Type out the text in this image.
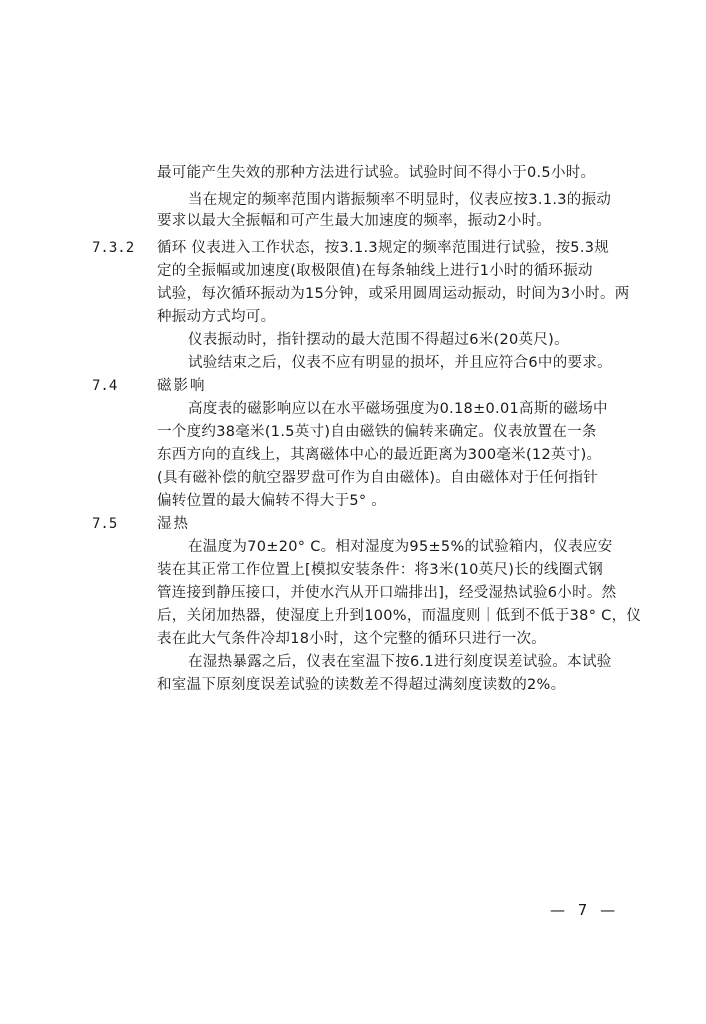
最可能产生失效的那种方法进行试验。试验时间不得小于0.5小时。
当在规定的频率范围内谐振频率不明显时，仪表应按3.1.3的振动
要求以最大全振幅和可产生最大加速度的频率，振动2小时。
7.3.2 循环 仪表进入工作状态，按3.1.3规定的频率范围进行试验，按5.3规
定的全振幅或加速度(取极限值)在每条轴线上进行1小时的循环振动
试验，每次循环振动为15分钟，或采用圆周运动振动，时间为3小时。两
种振动方式均可。
仪表振动时，指针摆动的最大范围不得超过6米(20英尺)。
试验结束之后，仪表不应有明显的损坏，并且应符合6中的要求。
7.4	磁影响
高度表的磁影响应以在水平磁场强度为0.18±0.01高斯的磁场中
一个度约38毫米(1.5英寸)自由磁铁的偏转来确定。仪表放置在一条
东西方向的直线上，其离磁体中心的最近距离为300毫米(12英寸)。
(具有磁补偿的航空器罗盘可作为自由磁体)。自由磁体对于任何指针
偏转位置的最大偏转不得大于5° 。
7.5	湿热
在温度为70±20° C。相对湿度为95±5%的试验箱内，仪表应安
装在其正常工作位置上[模拟安装条件：将3米(10英尺)长的线圈式钢
管连接到静压接口，并使水汽从开口端排出]，经受湿热试验6小时。然
后，关闭加热器，使湿度上升到100%，而温度则｜低到不低于38° C，仪
表在此大气条件冷却18小时，这个完整的循环只进行一次。
在湿热暴露之后，仪表在室温下按6.1进行刻度误差试验。本试验
和室温下原刻度误差试验的读数差不得超过满刻度读数的2%。
— 7 —
